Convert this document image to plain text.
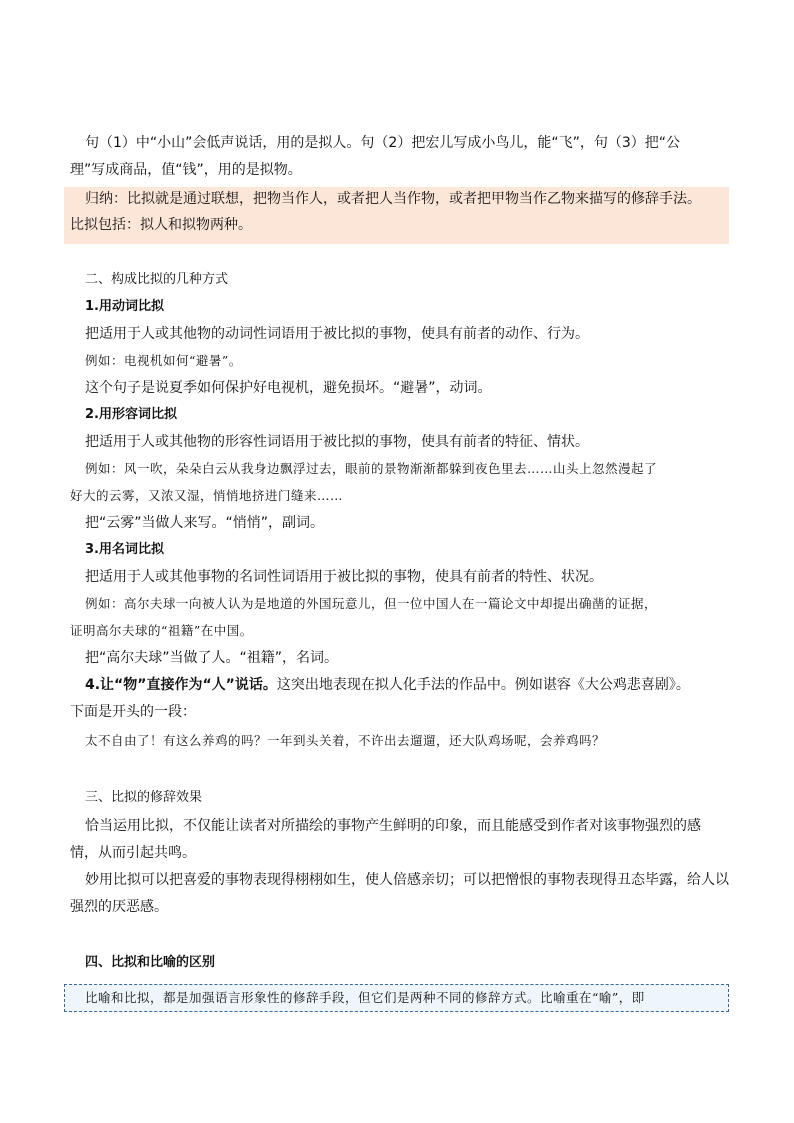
句（1）中“小山”会低声说话，用的是拟人。句（2）把宏儿写成小鸟儿，能“飞”，句（3）把“公
理”写成商品，值“钱”，用的是拟物。
归纳：比拟就是通过联想，把物当作人，或者把人当作物，或者把甲物当作乙物来描写的修辞手法。
比拟包括：拟人和拟物两种。
二、构成比拟的几种方式
1.用动词比拟
把适用于人或其他物的动词性词语用于被比拟的事物，使具有前者的动作、行为。
例如：电视机如何“避暑”。
这个句子是说夏季如何保护好电视机，避免损坏。“避暑”，动词。
2.用形容词比拟
把适用于人或其他物的形容性词语用于被比拟的事物，使具有前者的特征、情状。
例如：风一吹，朵朵白云从我身边飘浮过去，眼前的景物渐渐都躲到夜色里去……山头上忽然漫起了
好大的云雾，又浓又湿，悄悄地挤进门缝来……
把“云雾”当做人来写。“悄悄”，副词。
3.用名词比拟
把适用于人或其他事物的名词性词语用于被比拟的事物，使具有前者的特性、状况。
例如：高尔夫球一向被人认为是地道的外国玩意儿，但一位中国人在一篇论文中却提出确凿的证据，
证明高尔夫球的“祖籍”在中国。
把“高尔夫球”当做了人。“祖籍”，名词。
4.让“物”直接作为“人”说话。这突出地表现在拟人化手法的作品中。例如谌容《大公鸡悲喜剧》。
下面是开头的一段：
太不自由了！有这么养鸡的吗？一年到头关着，不许出去遛遛，还大队鸡场呢，会养鸡吗？
三、比拟的修辞效果
恰当运用比拟，不仅能让读者对所描绘的事物产生鲜明的印象，而且能感受到作者对该事物强烈的感
情，从而引起共鸣。
妙用比拟可以把喜爱的事物表现得栩栩如生，使人倍感亲切；可以把憎恨的事物表现得丑态毕露，给人以
强烈的厌恶感。
四、比拟和比喻的区别
比喻和比拟，都是加强语言形象性的修辞手段，但它们是两种不同的修辞方式。比喻重在“喻”，即
